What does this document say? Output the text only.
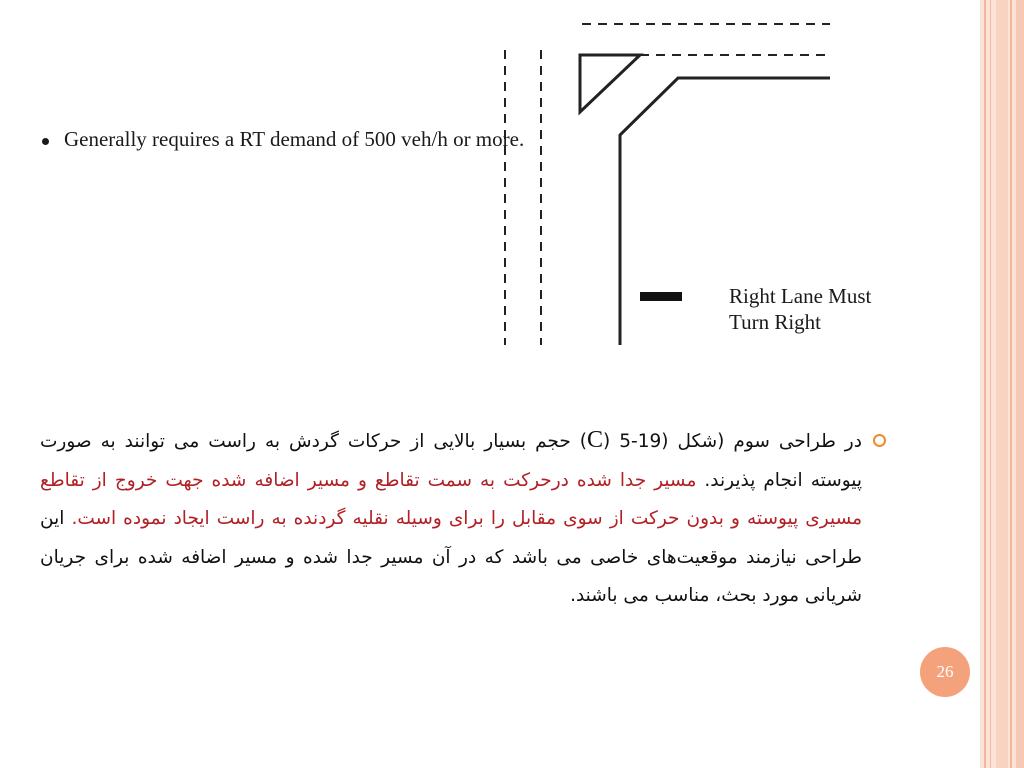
Generally requires a RT demand of 500 veh/h or more.
Right Lane Must
Turn Right
در طراحی سوم (شکل (19-5 (C) حجم بسیار بالایی از حرکات گردش به راست می توانند به صورت پیوسته انجام پذیرند. مسیر جدا شده درحرکت به سمت تقاطع و مسیر اضافه شده جهت خروج از تقاطع مسیری پیوسته و بدون حرکت از سوی مقابل را برای وسیله نقلیه گردنده به راست ایجاد نموده است. این طراحی نیازمند موقعیت‌های خاصی می باشد که در آن مسیر جدا شده و مسیر اضافه شده برای جریان شریانی مورد بحث، مناسب می باشند.
26
